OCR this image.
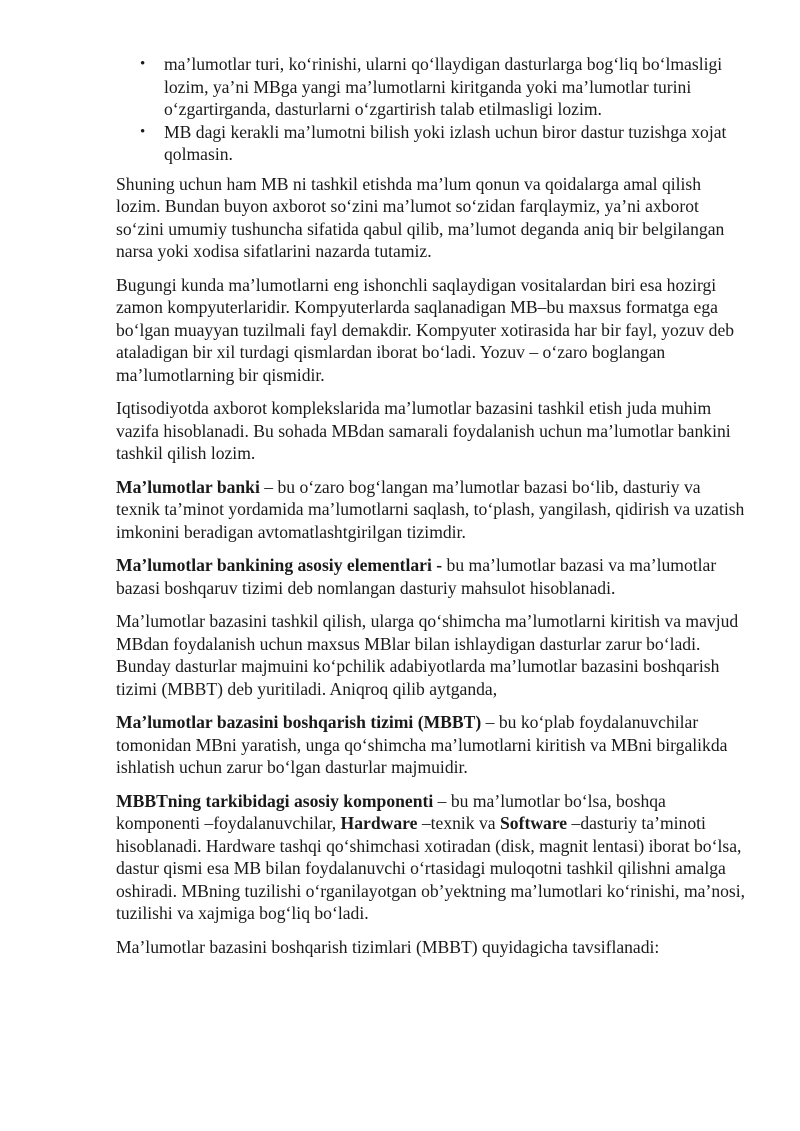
• ma’lumotlar turi, ko‘rinishi, ularni qo‘llaydigan dasturlarga bog‘liq bo‘lmasligi lozim, ya’ni MBga yangi ma’lumotlarni kiritganda yoki ma’lumotlar turini o‘zgartirganda, dasturlarni o‘zgartirish talab etilmasligi lozim.
• MB dagi kerakli ma’lumotni bilish yoki izlash uchun biror dastur tuzishga xojat qolmasin.

Shuning uchun ham MB ni tashkil etishda ma’lum qonun va qoidalarga amal qilish lozim. Bundan buyon axborot so‘zini ma’lumot so‘zidan farqlaymiz, ya’ni axborot so‘zini umumiy tushuncha sifatida qabul qilib, ma’lumot deganda aniq bir belgilangan narsa yoki xodisa sifatlarini nazarda tutamiz.

Bugungi kunda ma’lumotlarni eng ishonchli saqlaydigan vositalardan biri esa hozirgi zamon kompyuterlaridir. Kompyuterlarda saqlanadigan MB–bu maxsus formatga ega bo‘lgan muayyan tuzilmali fayl demakdir. Kompyuter xotirasida har bir fayl, yozuv deb ataladigan bir xil turdagi qismlardan iborat bo‘ladi. Yozuv – o‘zaro boglangan ma’lumotlarning bir qismidir.

Iqtisodiyotda axborot komplekslarida ma’lumotlar bazasini tashkil etish juda muhim vazifa hisoblanadi. Bu sohada MBdan samarali foydalanish uchun ma’lumotlar bankini tashkil qilish lozim.

Ma’lumotlar banki – bu o‘zaro bog‘langan ma’lumotlar bazasi bo‘lib, dasturiy va texnik ta’minot yordamida ma’lumotlarni saqlash, to‘plash, yangilash, qidirish va uzatish imkonini beradigan avtomatlashtgirilgan tizimdir.

Ma’lumotlar bankining asosiy elementlari - bu ma’lumotlar bazasi va ma’lumotlar bazasi boshqaruv tizimi deb nomlangan dasturiy mahsulot hisoblanadi.

Ma’lumotlar bazasini tashkil qilish, ularga qo‘shimcha ma’lumotlarni kiritish va mavjud MBdan foydalanish uchun maxsus MBlar bilan ishlaydigan dasturlar zarur bo‘ladi. Bunday dasturlar majmuini ko‘pchilik adabiyotlarda ma’lumotlar bazasini boshqarish tizimi (MBBT) deb yuritiladi. Aniqroq qilib aytganda,

Ma’lumotlar bazasini boshqarish tizimi (MBBT) – bu ko‘plab foydalanuvchilar tomonidan MBni yaratish, unga qo‘shimcha ma’lumotlarni kiritish va MBni birgalikda ishlatish uchun zarur bo‘lgan dasturlar majmuidir.

MBBTning tarkibidagi asosiy komponenti – bu ma’lumotlar bo‘lsa, boshqa komponenti –foydalanuvchilar, Hardware –texnik va Software –dasturiy ta’minoti hisoblanadi. Hardware tashqi qo‘shimchasi xotiradan (disk, magnit lentasi) iborat bo‘lsa, dastur qismi esa MB bilan foydalanuvchi o‘rtasidagi muloqotni tashkil qilishni amalga oshiradi. MBning tuzilishi o‘rganilayotgan ob’yektning ma’lumotlari ko‘rinishi, ma’nosi, tuzilishi va xajmiga bog‘liq bo‘ladi.

Ma’lumotlar bazasini boshqarish tizimlari (MBBT) quyidagicha tavsiflanadi:
